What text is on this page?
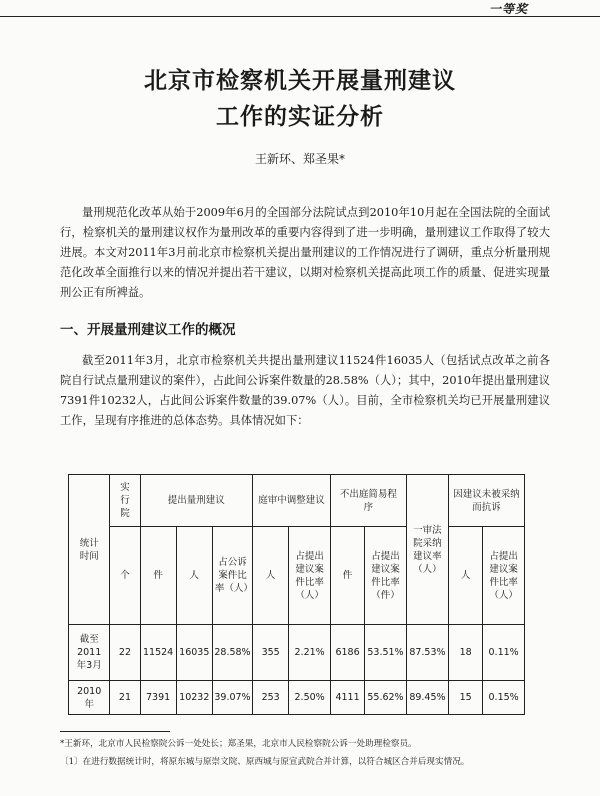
一等奖
北京市检察机关开展量刑建议
工作的实证分析
王新环、郑圣果*
量刑规范化改革从始于2009年6月的全国部分法院试点到2010年10月起在全国法院的全面试行，检察机关的量刑建议权作为量刑改革的重要内容得到了进一步明确，量刑建议工作取得了较大进展。本文对2011年3月前北京市检察机关提出量刑建议的工作情况进行了调研，重点分析量刑规范化改革全面推行以来的情况并提出若干建议，以期对检察机关提高此项工作的质量、促进实现量刑公正有所裨益。
一、开展量刑建议工作的概况
截至2011年3月，北京市检察机关共提出量刑建议11524件16035人（包括试点改革之前各院自行试点量刑建议的案件），占此间公诉案件数量的28.58%（人）；其中，2010年提出量刑建议7391件10232人，占此间公诉案件数量的39.07%（人）。目前，全市检察机关均已开展量刑建议工作，呈现有序推进的总体态势。具体情况如下：
统计时间	实行院	提出量刑建议			庭审中调整建议		不出庭简易程序		一审法院采纳建议率（人）	因建议未被采纳而抗诉	
	个	件	人	占公诉案件比率（人）	人	占提出建议案件比率（人）	件	占提出建议案件比率（件）		人	占提出建议案件比率（人）
截至2011年3月	22	11524	16035	28.58%	355	2.21%	6186	53.51%	87.53%	18	0.11%
2010年	21	7391	10232	39.07%	253	2.50%	4111	55.62%	89.45%	15	0.15%
*王新环，北京市人民检察院公诉一处处长；郑圣果，北京市人民检察院公诉一处助理检察员。
〔1〕在进行数据统计时，将原东城与原崇文院、原西城与原宣武院合并计算，以符合城区合并后现实情况。
